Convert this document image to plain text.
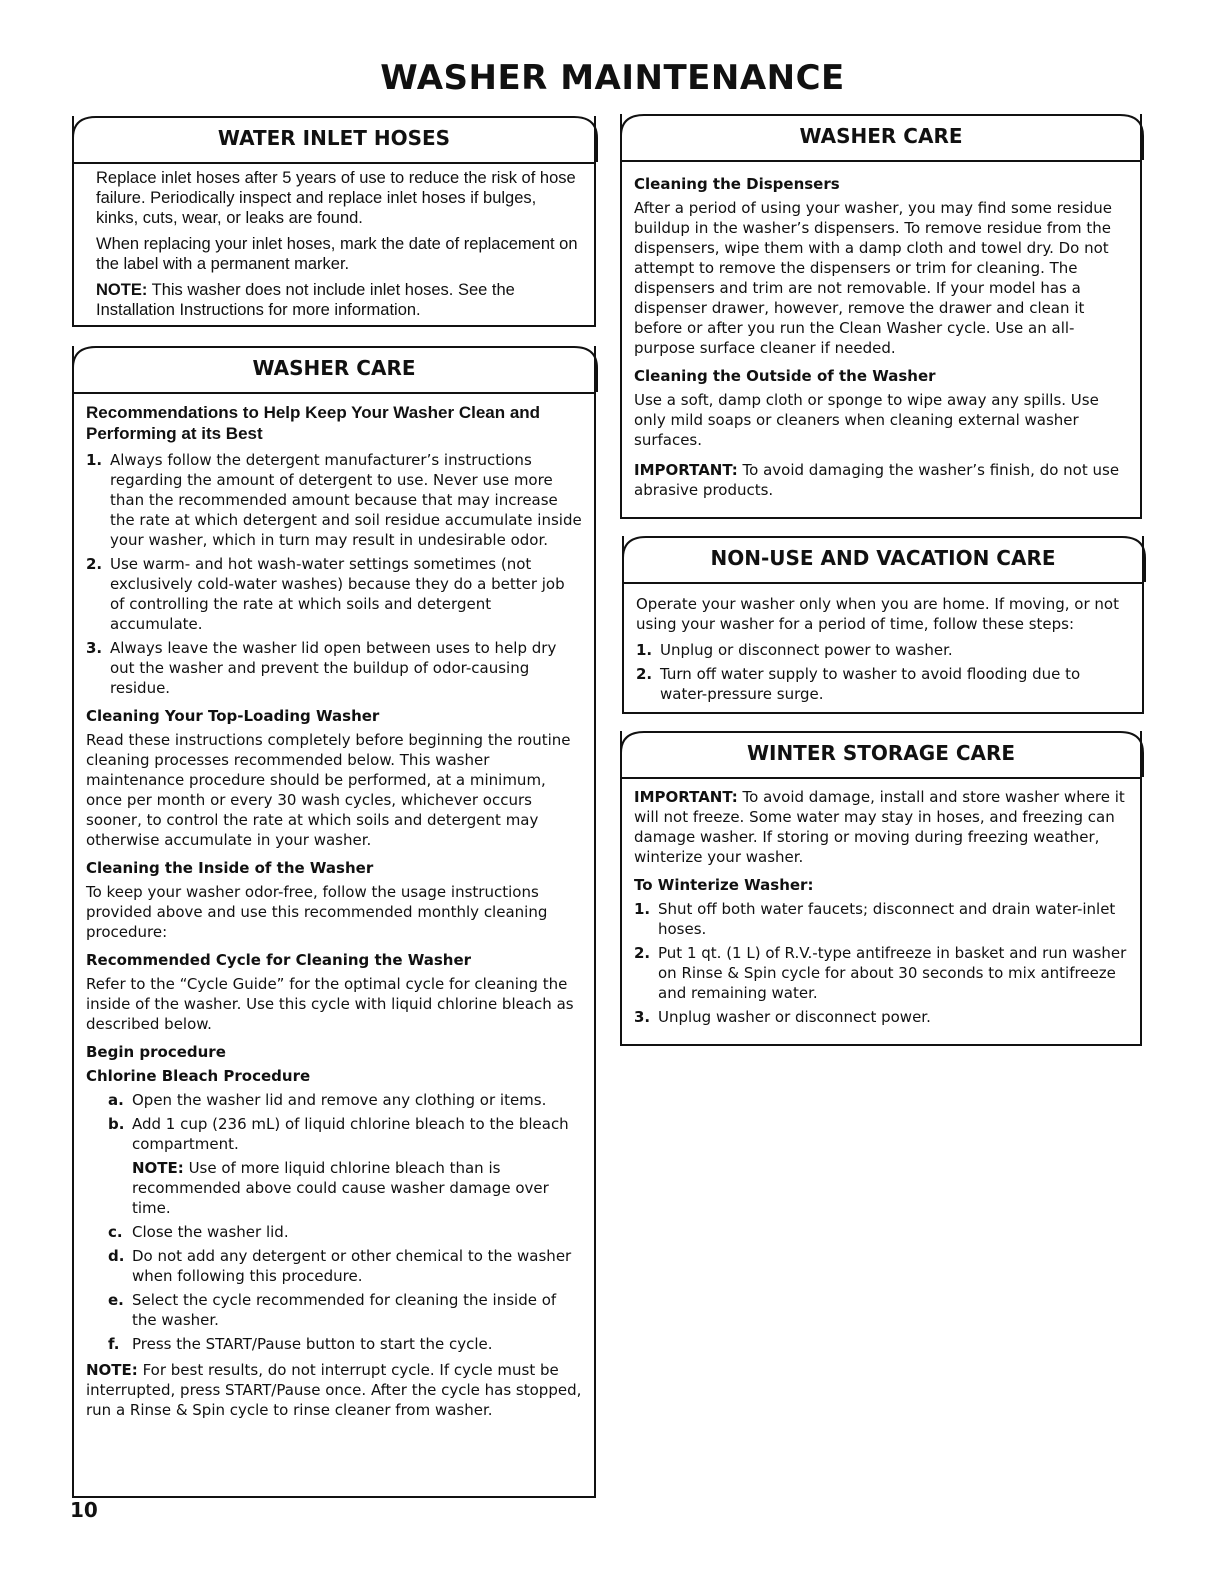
WASHER MAINTENANCE
WATER INLET HOSES

Replace inlet hoses after 5 years of use to reduce the risk of hose failure. Periodically inspect and replace inlet hoses if bulges, kinks, cuts, wear, or leaks are found.

When replacing your inlet hoses, mark the date of replacement on the label with a permanent marker.

NOTE: This washer does not include inlet hoses. See the Installation Instructions for more information.

WASHER CARE
Recommendations to Help Keep Your Washer Clean and Performing at its Best
1. Always follow the detergent manufacturer’s instructions regarding the amount of detergent to use. Never use more than the recommended amount because that may increase the rate at which detergent and soil residue accumulate inside your washer, which in turn may result in undesirable odor.
2. Use warm- and hot wash-water settings sometimes (not exclusively cold-water washes) because they do a better job of controlling the rate at which soils and detergent accumulate.
3. Always leave the washer lid open between uses to help dry out the washer and prevent the buildup of odor-causing residue.
Cleaning Your Top-Loading Washer

Read these instructions completely before beginning the routine cleaning processes recommended below. This washer maintenance procedure should be performed, at a minimum, once per month or every 30 wash cycles, whichever occurs sooner, to control the rate at which soils and detergent may otherwise accumulate in your washer.

Cleaning the Inside of the Washer

To keep your washer odor-free, follow the usage instructions provided above and use this recommended monthly cleaning procedure:

Recommended Cycle for Cleaning the Washer

Refer to the “Cycle Guide” for the optimal cycle for cleaning the inside of the washer. Use this cycle with liquid chlorine bleach as described below.

Begin procedure
Chlorine Bleach Procedure
a. Open the washer lid and remove any clothing or items.
b. Add 1 cup (236 mL) of liquid chlorine bleach to the bleach compartment.
NOTE: Use of more liquid chlorine bleach than is recommended above could cause washer damage over time.
c. Close the washer lid.
d. Do not add any detergent or other chemical to the washer when following this procedure.
e. Select the cycle recommended for cleaning the inside of the washer.
f. Press the START/Pause button to start the cycle.

NOTE: For best results, do not interrupt cycle. If cycle must be interrupted, press START/Pause once. After the cycle has stopped, run a Rinse & Spin cycle to rinse cleaner from washer.

WASHER CARE
Cleaning the Dispensers

After a period of using your washer, you may find some residue buildup in the washer’s dispensers. To remove residue from the dispensers, wipe them with a damp cloth and towel dry. Do not attempt to remove the dispensers or trim for cleaning. The dispensers and trim are not removable. If your model has a dispenser drawer, however, remove the drawer and clean it before or after you run the Clean Washer cycle. Use an all-purpose surface cleaner if needed.

Cleaning the Outside of the Washer

Use a soft, damp cloth or sponge to wipe away any spills. Use only mild soaps or cleaners when cleaning external washer surfaces.

IMPORTANT: To avoid damaging the washer’s finish, do not use abrasive products.

NON-USE AND VACATION CARE

Operate your washer only when you are home. If moving, or not using your washer for a period of time, follow these steps:

1. Unplug or disconnect power to washer.
2. Turn off water supply to washer to avoid flooding due to water-pressure surge.
WINTER STORAGE CARE

IMPORTANT: To avoid damage, install and store washer where it will not freeze. Some water may stay in hoses, and freezing can damage washer. If storing or moving during freezing weather, winterize your washer.

To Winterize Washer:
1. Shut off both water faucets; disconnect and drain water-inlet hoses.
2. Put 1 qt. (1 L) of R.V.-type antifreeze in basket and run washer on Rinse & Spin cycle for about 30 seconds to mix antifreeze and remaining water.
3. Unplug washer or disconnect power.
10
